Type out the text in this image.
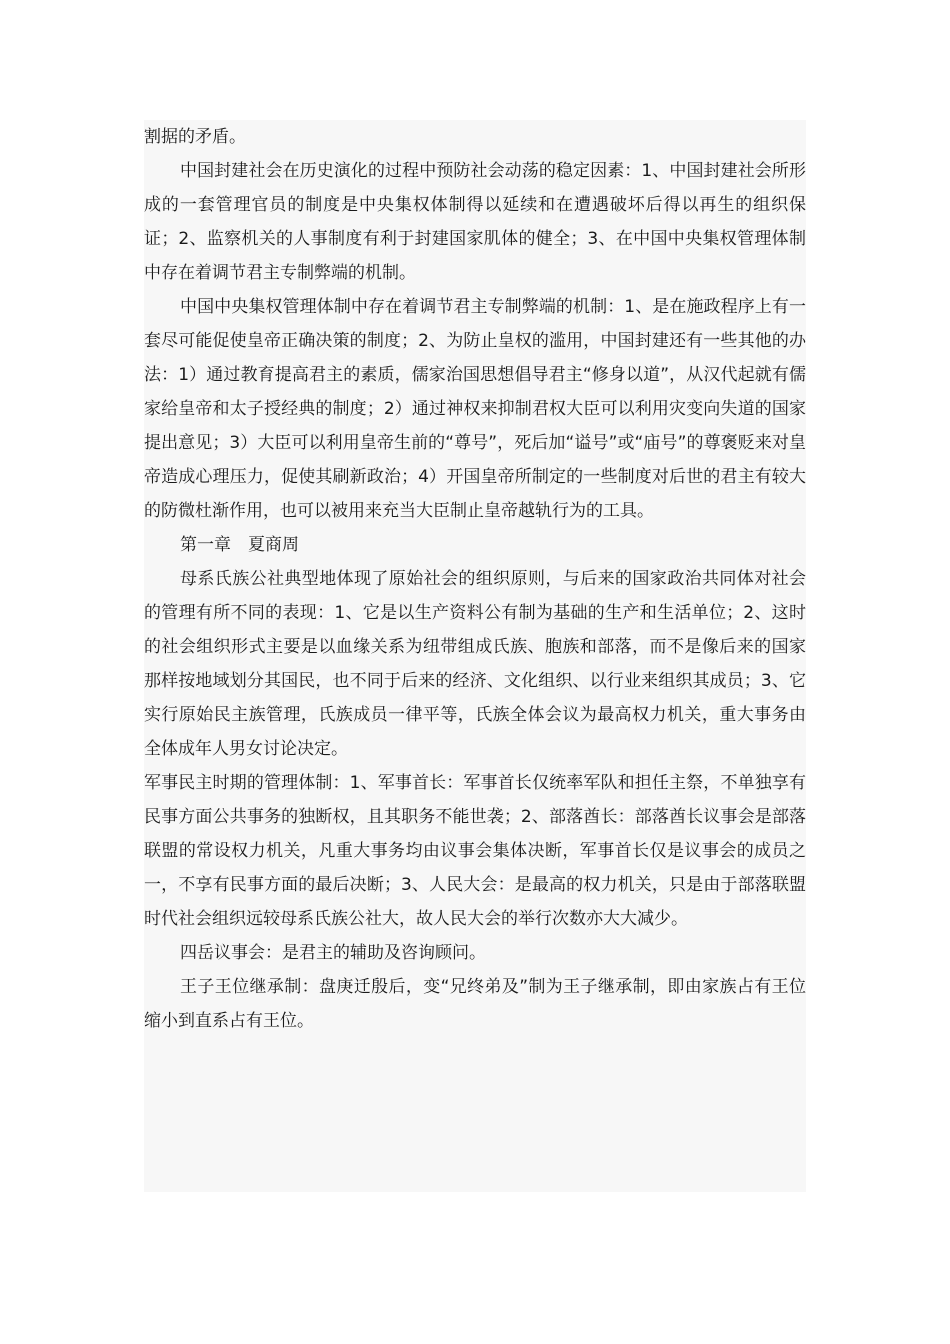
割据的矛盾。

中国封建社会在历史演化的过程中预防社会动荡的稳定因素：1、中国封建社会所形成的一套管理官员的制度是中央集权体制得以延续和在遭遇破坏后得以再生的组织保证；2、监察机关的人事制度有利于封建国家肌体的健全；3、在中国中央集权管理体制中存在着调节君主专制弊端的机制。

中国中央集权管理体制中存在着调节君主专制弊端的机制：1、是在施政程序上有一套尽可能促使皇帝正确决策的制度；2、为防止皇权的滥用，中国封建还有一些其他的办法：1）通过教育提高君主的素质，儒家治国思想倡导君主“修身以道”，从汉代起就有儒家给皇帝和太子授经典的制度；2）通过神权来抑制君权大臣可以利用灾变向失道的国家提出意见；3）大臣可以利用皇帝生前的“尊号”，死后加“谥号”或“庙号”的尊褒贬来对皇帝造成心理压力，促使其刷新政治；4）开国皇帝所制定的一些制度对后世的君主有较大的防微杜渐作用，也可以被用来充当大臣制止皇帝越轨行为的工具。

第一章　夏商周

母系氏族公社典型地体现了原始社会的组织原则，与后来的国家政治共同体对社会的管理有所不同的表现：1、它是以生产资料公有制为基础的生产和生活单位；2、这时的社会组织形式主要是以血缘关系为纽带组成氏族、胞族和部落，而不是像后来的国家那样按地域划分其国民，也不同于后来的经济、文化组织、以行业来组织其成员；3、它实行原始民主族管理，氏族成员一律平等，氏族全体会议为最高权力机关，重大事务由全体成年人男女讨论决定。

军事民主时期的管理体制：1、军事首长：军事首长仅统率军队和担任主祭，不单独享有民事方面公共事务的独断权，且其职务不能世袭；2、部落酋长：部落酋长议事会是部落联盟的常设权力机关，凡重大事务均由议事会集体决断，军事首长仅是议事会的成员之一，不享有民事方面的最后决断；3、人民大会：是最高的权力机关，只是由于部落联盟时代社会组织远较母系氏族公社大，故人民大会的举行次数亦大大减少。

四岳议事会：是君主的辅助及咨询顾问。

王子王位继承制：盘庚迁殷后，变“兄终弟及”制为王子继承制，即由家族占有王位缩小到直系占有王位。
